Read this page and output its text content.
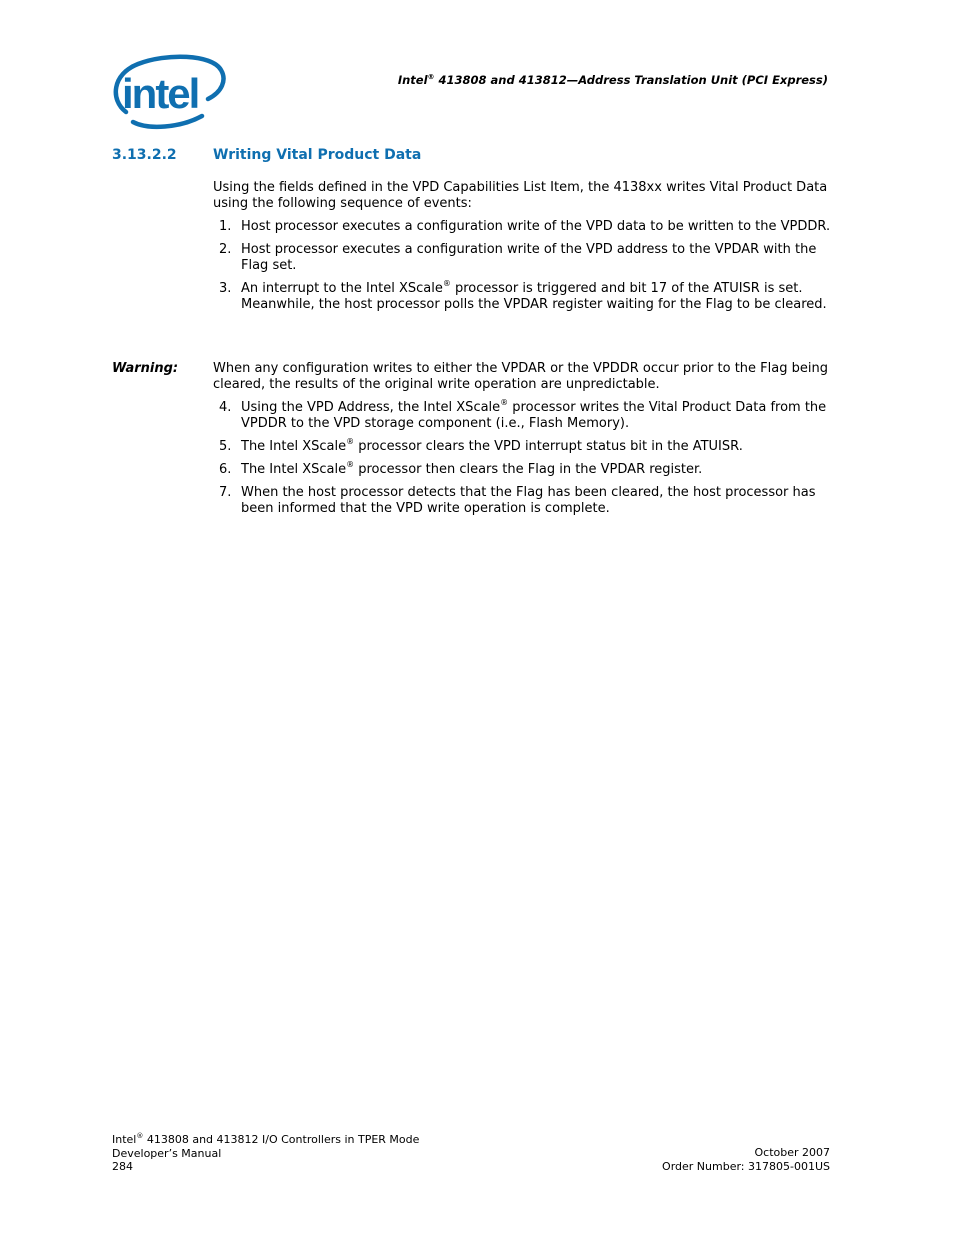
intel	Intel® 413808 and 413812—Address Translation Unit (PCI Express)
3.13.2.2	Writing Vital Product Data
Using the fields defined in the VPD Capabilities List Item, the 4138xx writes Vital Product Data using the following sequence of events:
1. Host processor executes a configuration write of the VPD data to be written to the VPDDR.
2. Host processor executes a configuration write of the VPD address to the VPDAR with the Flag set.
3. An interrupt to the Intel XScale® processor is triggered and bit 17 of the ATUISR is set. Meanwhile, the host processor polls the VPDAR register waiting for the Flag to be cleared.
Warning:	When any configuration writes to either the VPDAR or the VPDDR occur prior to the Flag being cleared, the results of the original write operation are unpredictable.
4. Using the VPD Address, the Intel XScale® processor writes the Vital Product Data from the VPDDR to the VPD storage component (i.e., Flash Memory).
5. The Intel XScale® processor clears the VPD interrupt status bit in the ATUISR.
6. The Intel XScale® processor then clears the Flag in the VPDAR register.
7. When the host processor detects that the Flag has been cleared, the host processor has been informed that the VPD write operation is complete.
Intel® 413808 and 413812 I/O Controllers in TPER Mode
Developer’s Manual
284
October 2007
Order Number: 317805-001US
